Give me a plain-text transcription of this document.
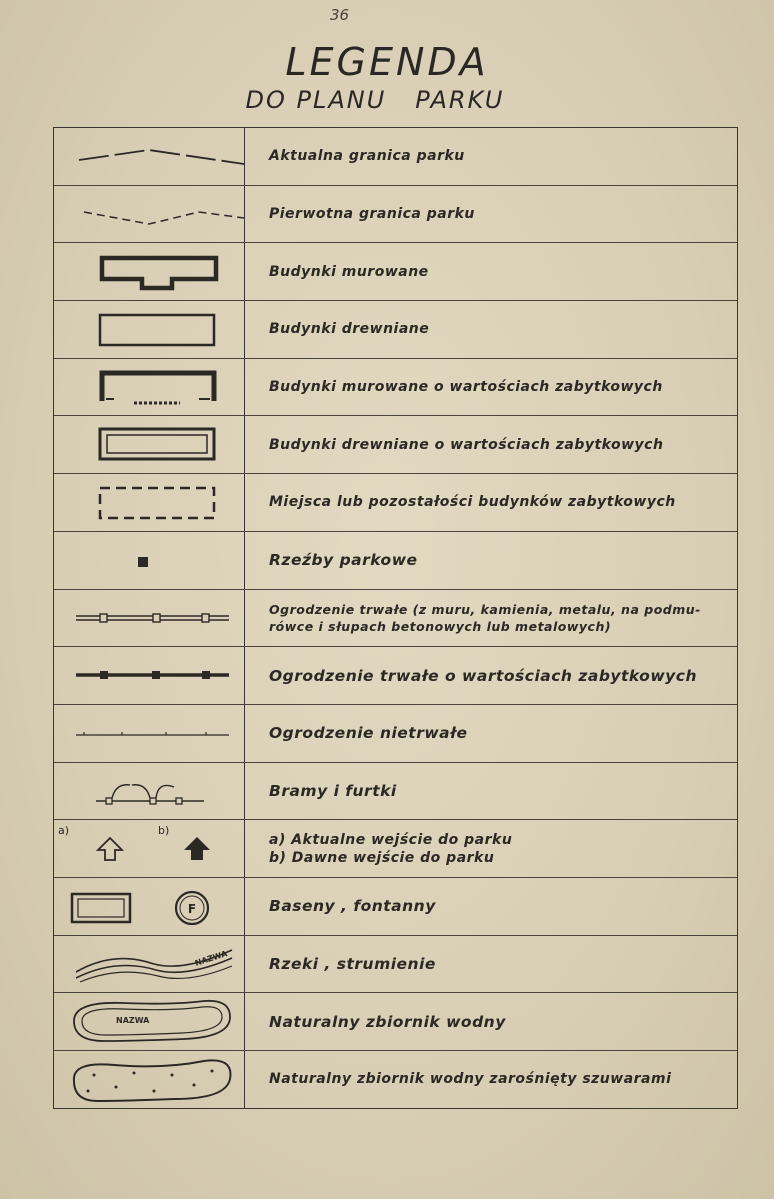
36
LEGENDA
DO PLANU   PARKU
Aktualna granica parku
Pierwotna granica parku
Budynki murowane
Budynki drewniane
Budynki murowane o wartościach zabytkowych
Budynki drewniane o wartościach zabytkowych
Miejsca lub pozostałości budynków zabytkowych
Rzeźby parkowe
Ogrodzenie trwałe (z muru, kamienia, metalu, na podmu-
rówce i słupach betonowych lub metalowych)
Ogrodzenie trwałe o wartościach zabytkowych
Ogrodzenie nietrwałe
Bramy i furtki
a)	b)
a) Aktualne wejście do parku
b) Dawne wejście do parku
F	Baseny , fontanny
NAZWA	Rzeki , strumienie
NAZWA	Naturalny zbiornik wodny
Naturalny zbiornik wodny zarośnięty szuwarami
